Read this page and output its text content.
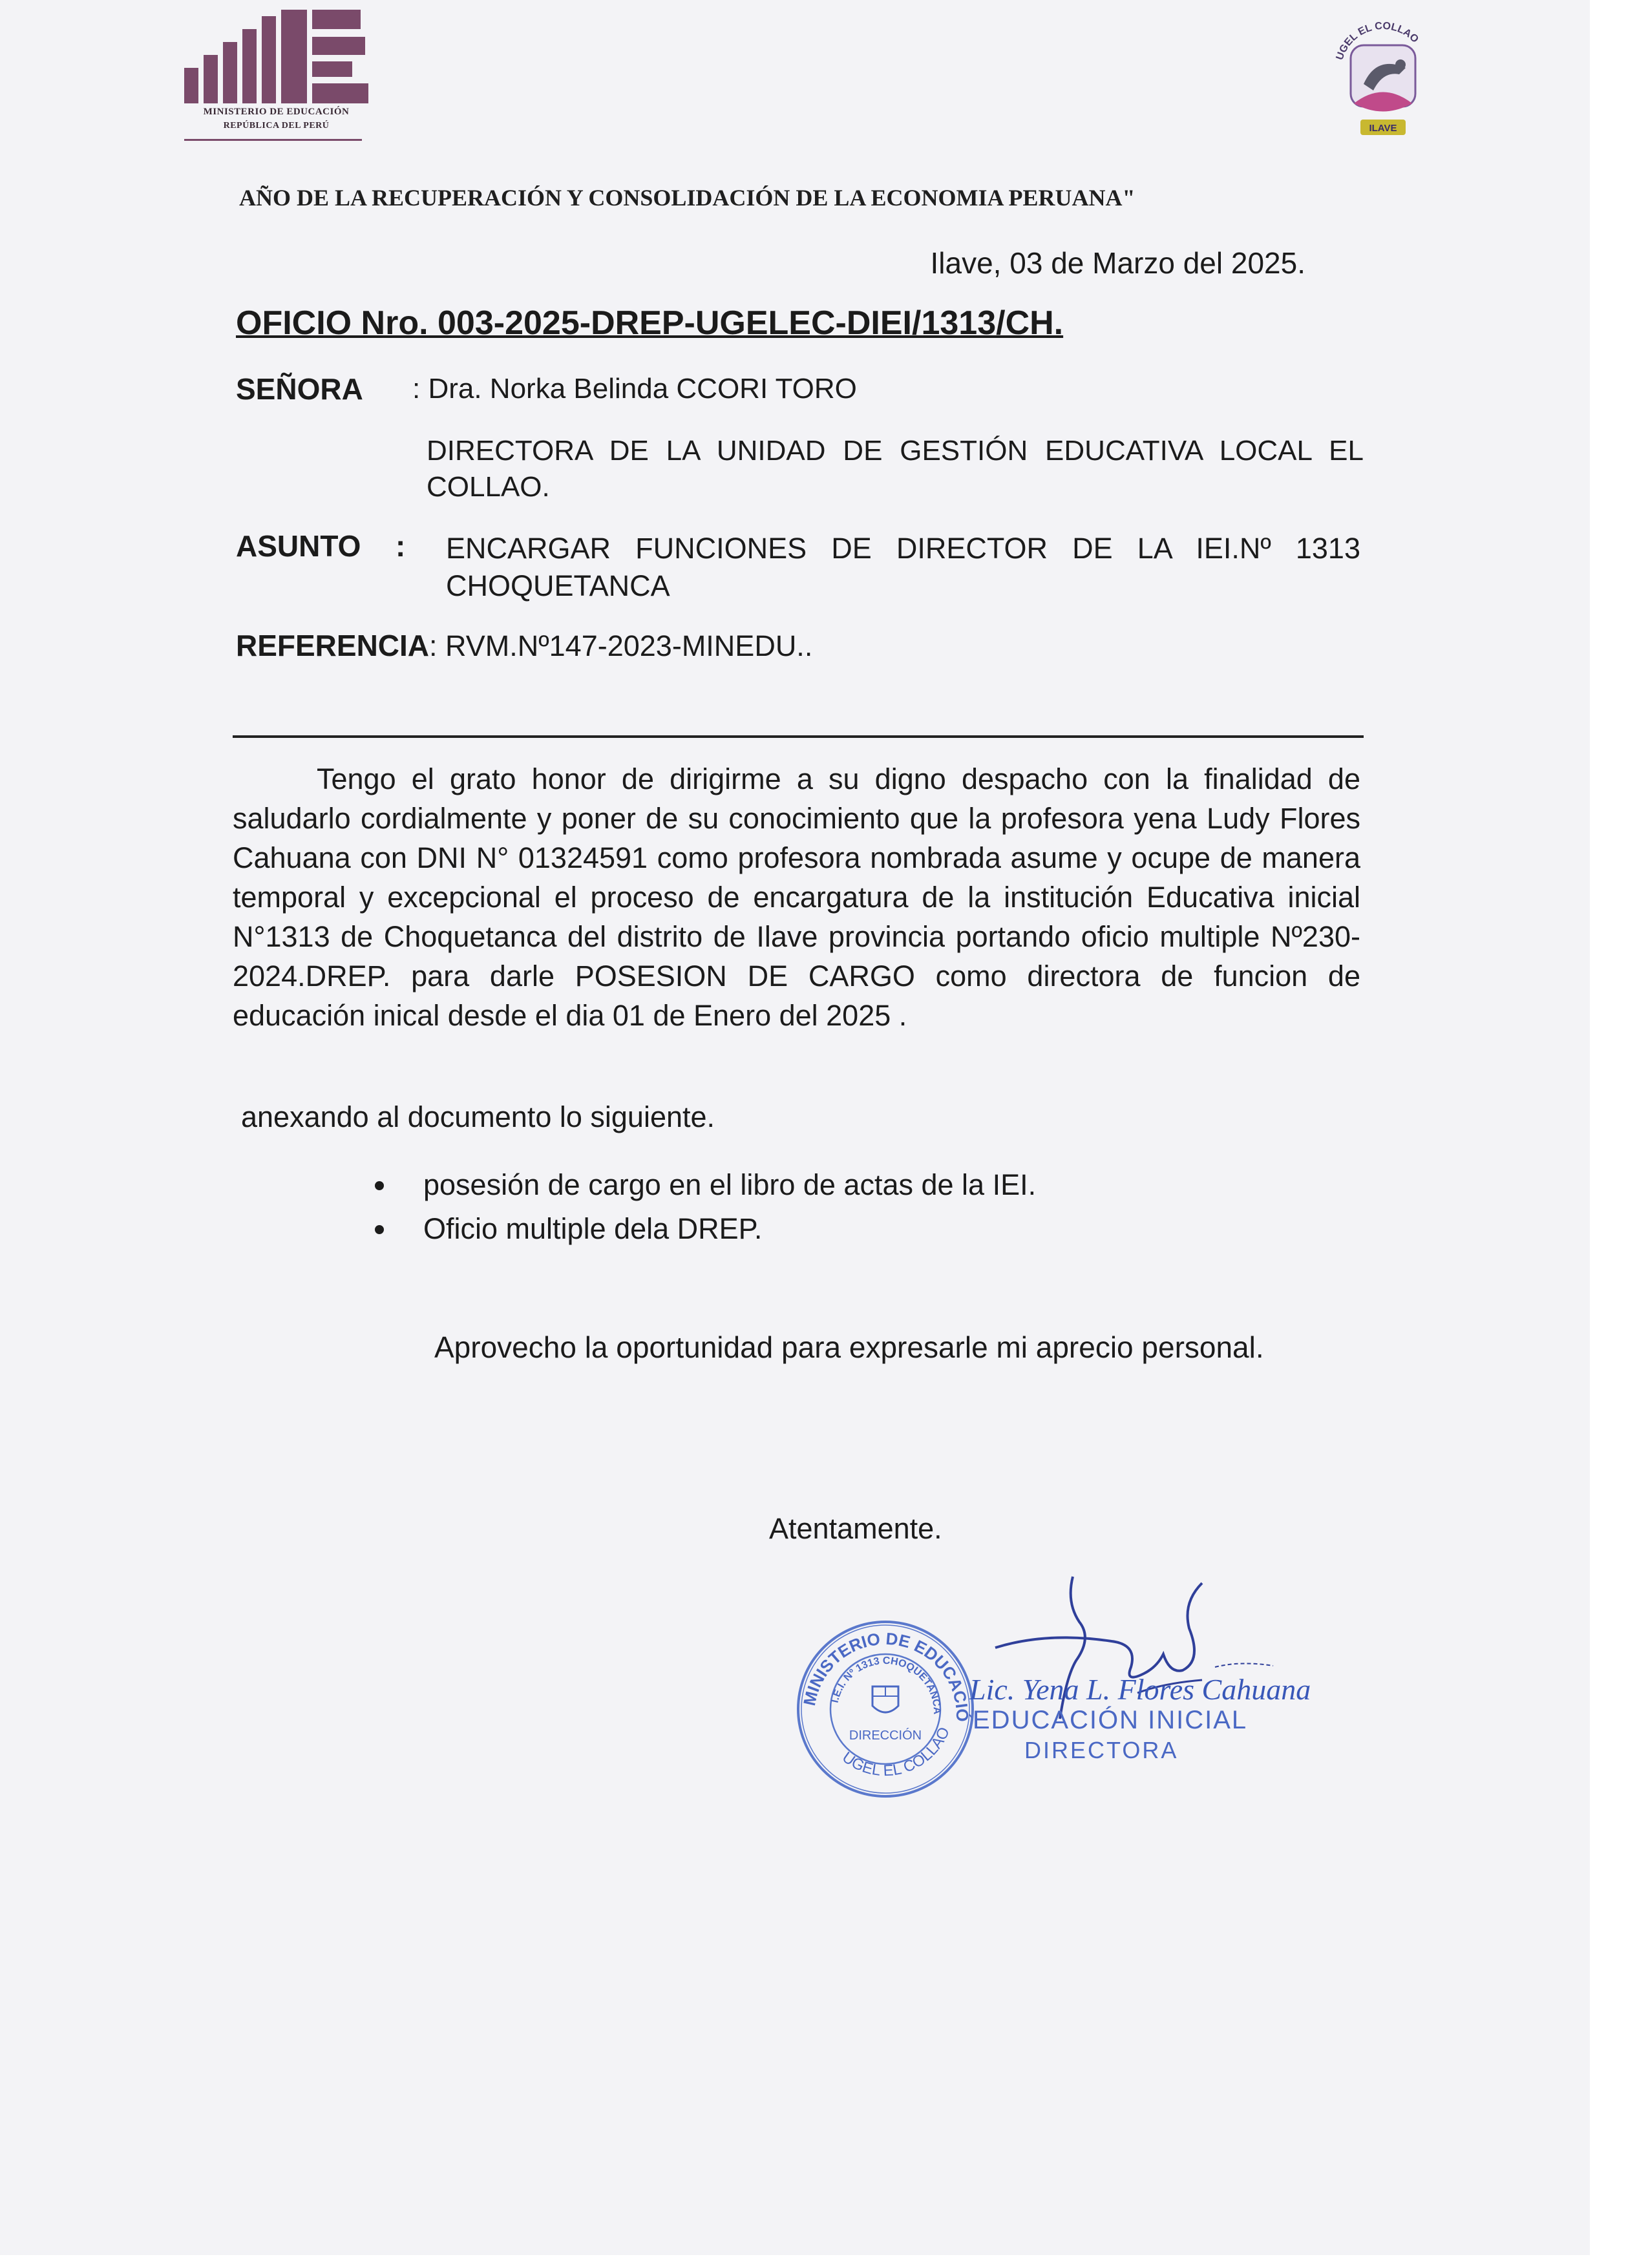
MINISTERIO DE EDUCACIÓN
REPÚBLICA DEL PERÚ
UGEL EL COLLAO
ILAVE
AÑO DE LA RECUPERACIÓN Y CONSOLIDACIÓN DE LA ECONOMIA PERUANA"
Ilave, 03 de Marzo del 2025.
OFICIO Nro. 003-2025-DREP-UGELEC-DIEI/1313/CH.
SEÑORA : Dra. Norka Belinda CCORI TORO
DIRECTORA DE LA UNIDAD DE GESTIÓN EDUCATIVA LOCAL EL COLLAO.
ASUNTO : ENCARGAR FUNCIONES DE DIRECTOR DE LA IEI.Nº 1313 CHOQUETANCA
REFERENCIA: RVM.Nº147-2023-MINEDU..
Tengo el grato honor de dirigirme a su digno despacho con la finalidad de saludarlo cordialmente y poner de su conocimiento que la profesora yena Ludy Flores Cahuana con DNI N° 01324591 como profesora nombrada asume y ocupe de manera temporal y excepcional el proceso de encargatura de la institución Educativa inicial N°1313 de Choquetanca del distrito de Ilave provincia portando oficio multiple Nº230-2024.DREP. para darle POSESION DE CARGO como directora de funcion de educación inical desde el dia 01 de Enero del 2025 .
anexando al documento lo siguiente.
posesión de cargo en el libro de actas de la IEI.
Oficio multiple dela DREP.
Aprovecho la oportunidad para expresarle mi aprecio personal.
Atentamente.
MINISTERIO DE EDUCACIÓ
I.E.I. Nº 1313 CHOQUETANCA
UGEL EL COLLAO
DIRECCIÓN
Lic. Yena L. Flores Cahuana
EDUCACIÓN INICIAL
DIRECTORA
